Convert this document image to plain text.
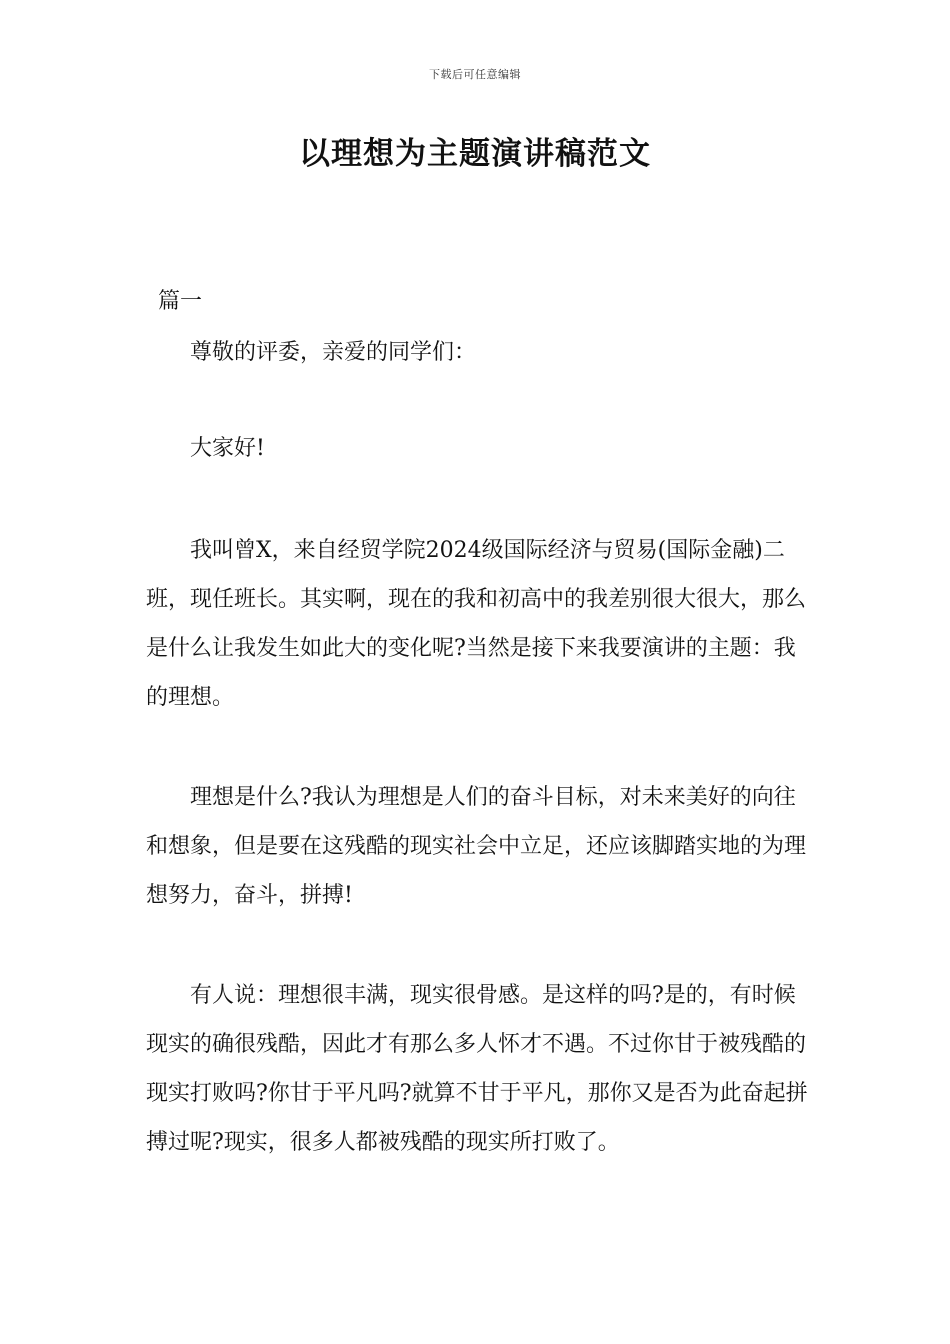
下载后可任意编辑
以理想为主题演讲稿范文
篇一

尊敬的评委，亲爱的同学们：

大家好!

我叫曾X，来自经贸学院2024级国际经济与贸易(国际金融)二班，现任班长。其实啊，现在的我和初高中的我差别很大很大，那么是什么让我发生如此大的变化呢?当然是接下来我要演讲的主题：我的理想。

理想是什么?我认为理想是人们的奋斗目标，对未来美好的向往和想象，但是要在这残酷的现实社会中立足，还应该脚踏实地的为理想努力，奋斗，拼搏!

有人说：理想很丰满，现实很骨感。是这样的吗?是的，有时候现实的确很残酷，因此才有那么多人怀才不遇。不过你甘于被残酷的现实打败吗?你甘于平凡吗?就算不甘于平凡，那你又是否为此奋起拼搏过呢?现实，很多人都被残酷的现实所打败了。
